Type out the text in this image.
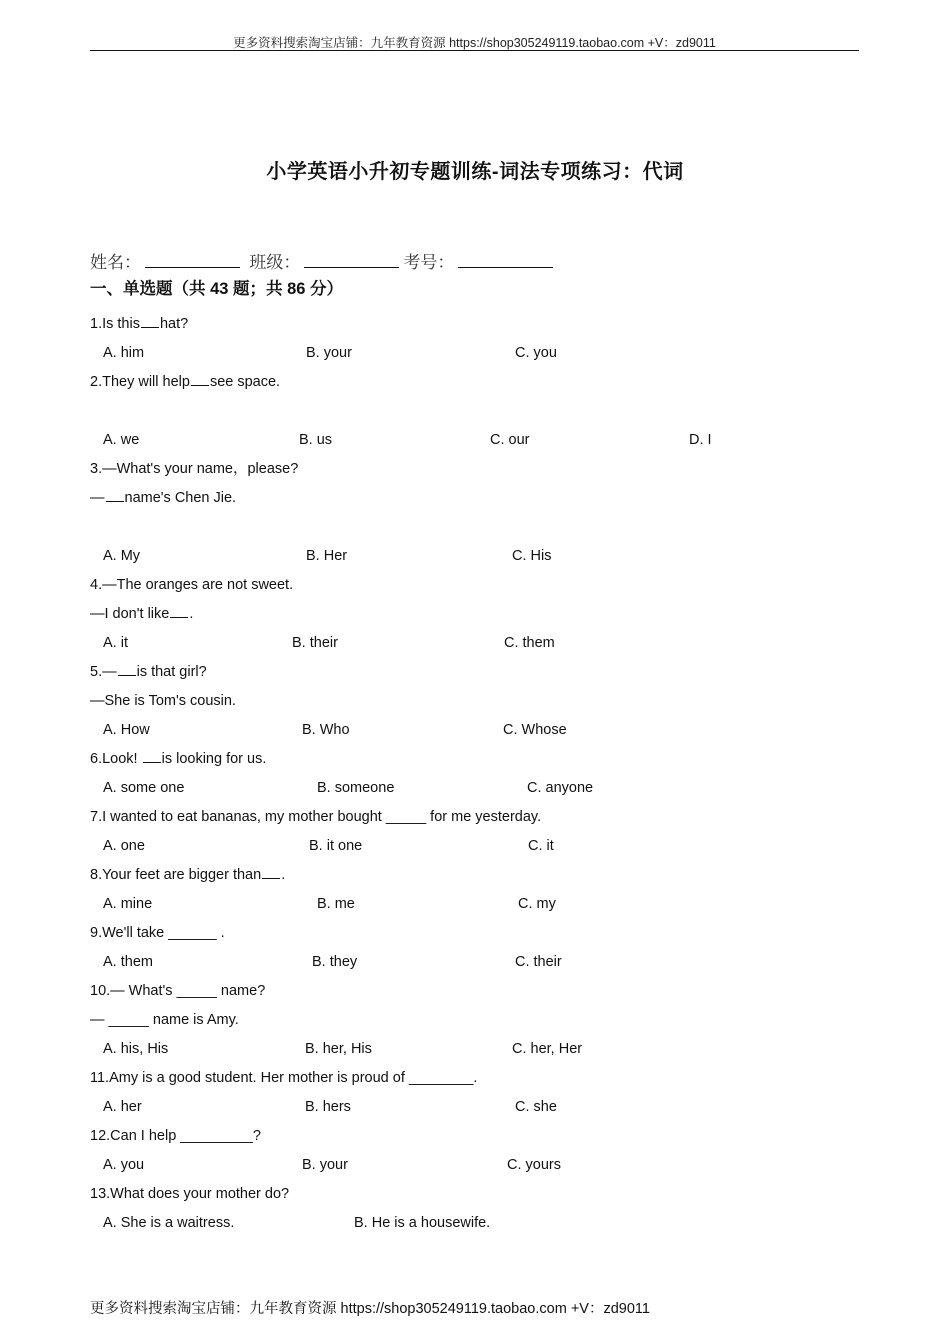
更多资料搜索淘宝店铺：九年教育资源 https://shop305249119.taobao.com +V：zd9011
小学英语小升初专题训练-词法专项练习：代词
姓名：	班级：	考号：
一、单选题（共 43 题；共 86 分）
1.Is this hat?
A. him	B. your	C. you
2.They will help see space.
A. we	B. us	C. our	D. I
3.—What's your name，please?
— name's Chen Jie.
A. My	B. Her	C. His
4.—The oranges are not sweet.
—I don't like .
A. it	B. their	C. them
5.— is that girl?
—She is Tom's cousin.
A. How	B. Who	C. Whose
6.Look! is looking for us.
A. some one	B. someone	C. anyone
7.I wanted to eat bananas, my mother bought _____ for me yesterday.
A. one	B. it one	C. it
8.Your feet are bigger than .
A. mine	B. me	C. my
9.We'll take ______ .
A. them	B. they	C. their
10.— What's _____ name?
— _____ name is Amy.
A. his, His	B. her, His	C. her, Her
11.Amy is a good student. Her mother is proud of ________.
A. her	B. hers	C. she
12.Can I help _________?
A. you	B. your	C. yours
13.What does your mother do?
A. She is a waitress.	B. He is a housewife.
更多资料搜索淘宝店铺：九年教育资源 https://shop305249119.taobao.com +V：zd9011
